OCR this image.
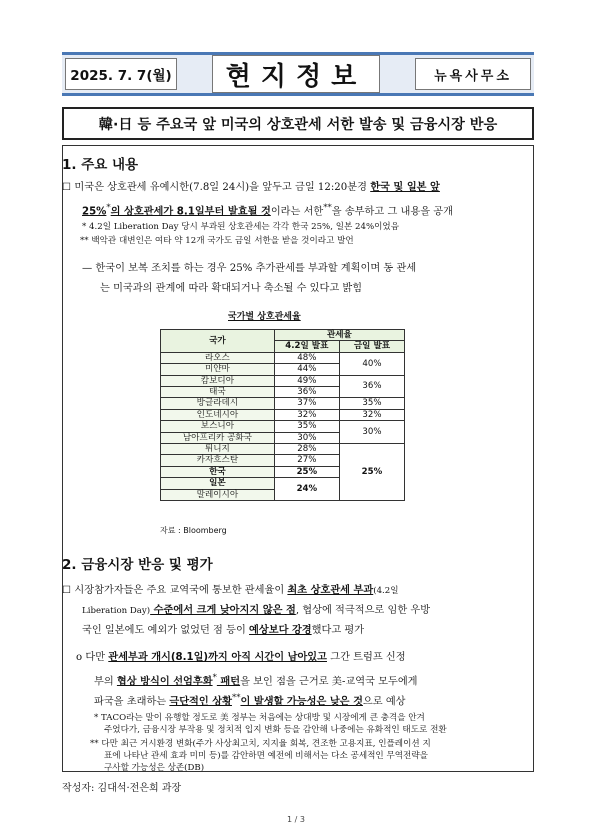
2025. 7. 7(월)	현지정보	뉴욕사무소
韓·日 등 주요국 앞 미국의 상호관세 서한 발송 및 금융시장 반응
1. 주요 내용
☐ 미국은 상호관세 유예시한(7.8일 24시)을 앞두고 금일 12:20분경 한국 및 일본 앞
25%*의 상호관세가 8.1일부터 발효될 것이라는 서한**을 송부하고 그 내용을 공개
* 4.2일 Liberation Day 당시 부과된 상호관세는 각각 한국 25%, 일본 24%이었음
** 백악관 대변인은 여타 약 12개 국가도 금일 서한을 받을 것이라고 발언
— 한국이 보복 조치를 하는 경우 25% 추가관세를 부과할 계획이며 동 관세
는 미국과의 관계에 따라 확대되거나 축소될 수 있다고 밝힘
국가별 상호관세율
국가	관세율	
	4.2일 발표	금일 발표
라오스	48%	40%
미얀마	44%	
캄보디아	49%	36%
태국	36%	
방글라데시	37%	35%
인도네시아	32%	32%
보스니아	35%	30%
남아프리카 공화국	30%	
튀니지	28%	25%
카자흐스탄	27%	
한국	25%	
일본	24%	
말레이시아		
자료 : Bloomberg
2. 금융시장 반응 및 평가
☐ 시장참가자들은 주요 교역국에 통보한 관세율이 최초 상호관세 부과(4.2일
Liberation Day) 수준에서 크게 낮아지지 않은 점, 협상에 적극적으로 임한 우방
국인 일본에도 예외가 없었던 점 등이 예상보다 강경했다고 평가
o 다만 관세부과 개시(8.1일)까지 아직 시간이 남아있고 그간 트럼프 신정
부의 협상 방식이 선엄후화* 패턴을 보인 점을 근거로 美-교역국 모두에게
파국을 초래하는 극단적인 상황**이 발생할 가능성은 낮은 것으로 예상
* TACO라는 말이 유행할 정도로 美 정부는 처음에는 상대방 및 시장에게 큰 충격을 안겨
주었다가, 금융시장 부작용 및 정치적 입지 변화 등을 감안해 나중에는 유화적인 태도로 전환
** 다만 최근 거시환경 변화(주가 사상최고치, 지지율 회복, 견조한 고용지표, 인플레이션 지
표에 나타난 관세 효과 미미 등)를 감안하면 예전에 비해서는 다소 공세적인 무역전략을
구사할 가능성은 상존(DB)
작성자: 김대석·전은희 과장
1 / 3
